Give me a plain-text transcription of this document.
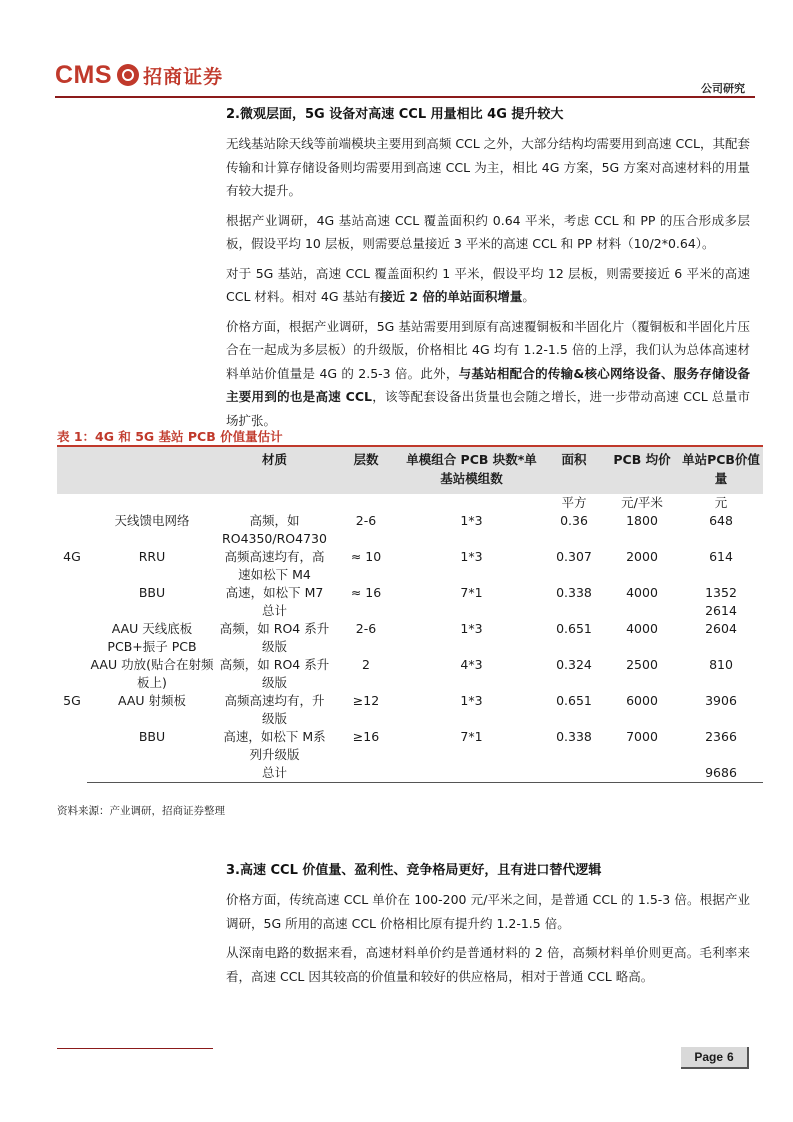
CMS 招商证券
公司研究
2.微观层面，5G 设备对高速 CCL 用量相比 4G 提升较大

无线基站除天线等前端模块主要用到高频 CCL 之外，大部分结构均需要用到高速 CCL，其配套传输和计算存储设备则均需要用到高速 CCL 为主，相比 4G 方案，5G 方案对高速材料的用量有较大提升。

根据产业调研，4G 基站高速 CCL 覆盖面积约 0.64 平米，考虑 CCL 和 PP 的压合形成多层板，假设平均 10 层板，则需要总量接近 3 平米的高速 CCL 和 PP 材料（10/2*0.64）。

对于 5G 基站，高速 CCL 覆盖面积约 1 平米，假设平均 12 层板，则需要接近 6 平米的高速 CCL 材料。相对 4G 基站有接近 2 倍的单站面积增量。

价格方面，根据产业调研，5G 基站需要用到原有高速覆铜板和半固化片（覆铜板和半固化片压合在一起成为多层板）的升级版，价格相比 4G 均有 1.2-1.5 倍的上浮，我们认为总体高速材料单站价值量是 4G 的 2.5-3 倍。此外，与基站相配合的传输&核心网络设备、服务存储设备主要用到的也是高速 CCL，该等配套设备出货量也会随之增长，进一步带动高速 CCL 总量市场扩张。

表 1：4G 和 5G 基站 PCB 价值量估计
		材质	层数	单模组合 PCB 块数*单基站模组数	面积	PCB 均价	单站PCB价值量
4G					平方	元/平米	元
	天线馈电网络	高频，如RO4350/RO4730	2-6	1*3	0.36	1800	648
	RRU	高频高速均有，高速如松下 M4	≈ 10	1*3	0.307	2000	614
	BBU	高速，如松下 M7	≈ 16	7*1	0.338	4000	1352
		总计					2614
5G	AAU 天线底板PCB+振子 PCB	高频，如 RO4 系升级版	2-6	1*3	0.651	4000	2604
	AAU 功放(贴合在射频板上)	高频，如 RO4 系升级版	2	4*3	0.324	2500	810
	AAU 射频板	高频高速均有，升级版	≥12	1*3	0.651	6000	3906
	BBU	高速，如松下 M系列升级版	≥16	7*1	0.338	7000	2366
		总计					9686
资料来源：产业调研，招商证券整理
3.高速 CCL 价值量、盈利性、竞争格局更好，且有进口替代逻辑

价格方面，传统高速 CCL 单价在 100-200 元/平米之间，是普通 CCL 的 1.5-3 倍。根据产业调研，5G 所用的高速 CCL 价格相比原有提升约 1.2-1.5 倍。

从深南电路的数据来看，高速材料单价约是普通材料的 2 倍，高频材料单价则更高。毛利率来看，高速 CCL 因其较高的价值量和较好的供应格局，相对于普通 CCL 略高。

Page 6
